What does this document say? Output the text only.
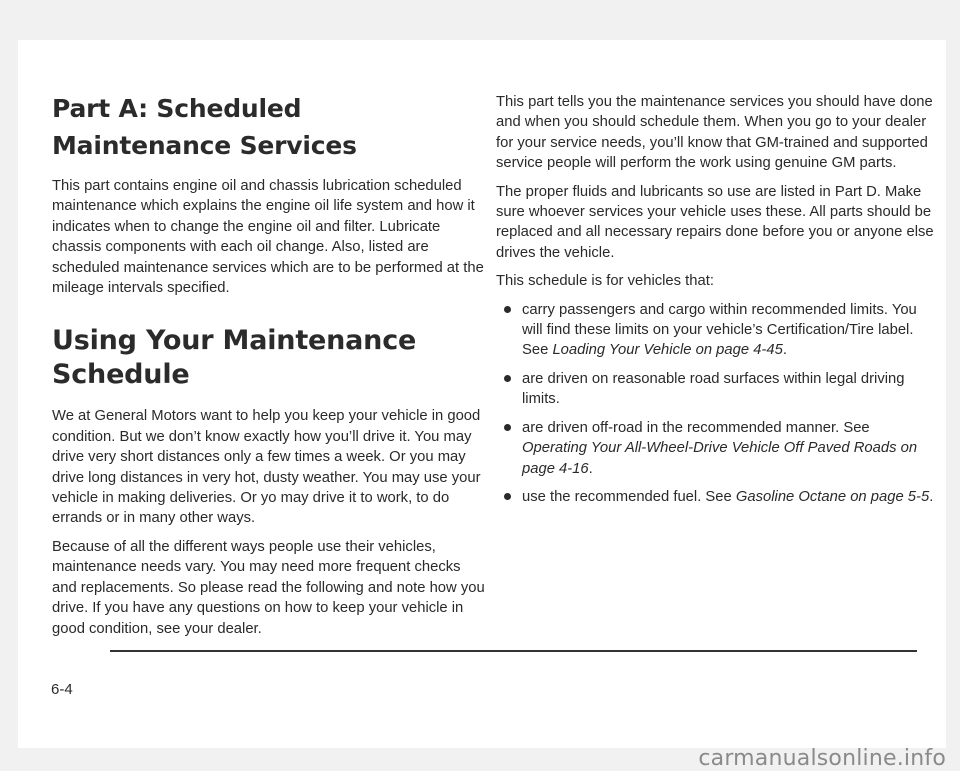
Part A: Scheduled Maintenance Services

This part contains engine oil and chassis lubrication scheduled maintenance which explains the engine oil life system and how it indicates when to change the engine oil and filter. Lubricate chassis components with each oil change. Also, listed are scheduled maintenance services which are to be performed at the mileage intervals specified.

Using Your Maintenance Schedule

We at General Motors want to help you keep your vehicle in good condition. But we don’t know exactly how you’ll drive it. You may drive very short distances only a few times a week. Or you may drive long distances in very hot, dusty weather. You may use your vehicle in making deliveries. Or yo may drive it to work, to do errands or in many other ways.

Because of all the different ways people use their vehicles, maintenance needs vary. You may need more frequent checks and replacements. So please read the following and note how you drive. If you have any questions on how to keep your vehicle in good condition, see your dealer.

This part tells you the maintenance services you should have done and when you should schedule them. When you go to your dealer for your service needs, you’ll know that GM-trained and supported service people will perform the work using genuine GM parts.

The proper fluids and lubricants so use are listed in Part D. Make sure whoever services your vehicle uses these. All parts should be replaced and all necessary repairs done before you or anyone else drives the vehicle.

This schedule is for vehicles that:

carry passengers and cargo within recommended limits. You will find these limits on your vehicle’s Certification/Tire label. See Loading Your Vehicle on page 4-45.
are driven on reasonable road surfaces within legal driving limits.
are driven off-road in the recommended manner. See Operating Your All-Wheel-Drive Vehicle Off Paved Roads on page 4-16.
use the recommended fuel. See Gasoline Octane on page 5-5.
6-4
carmanualsonline.info
